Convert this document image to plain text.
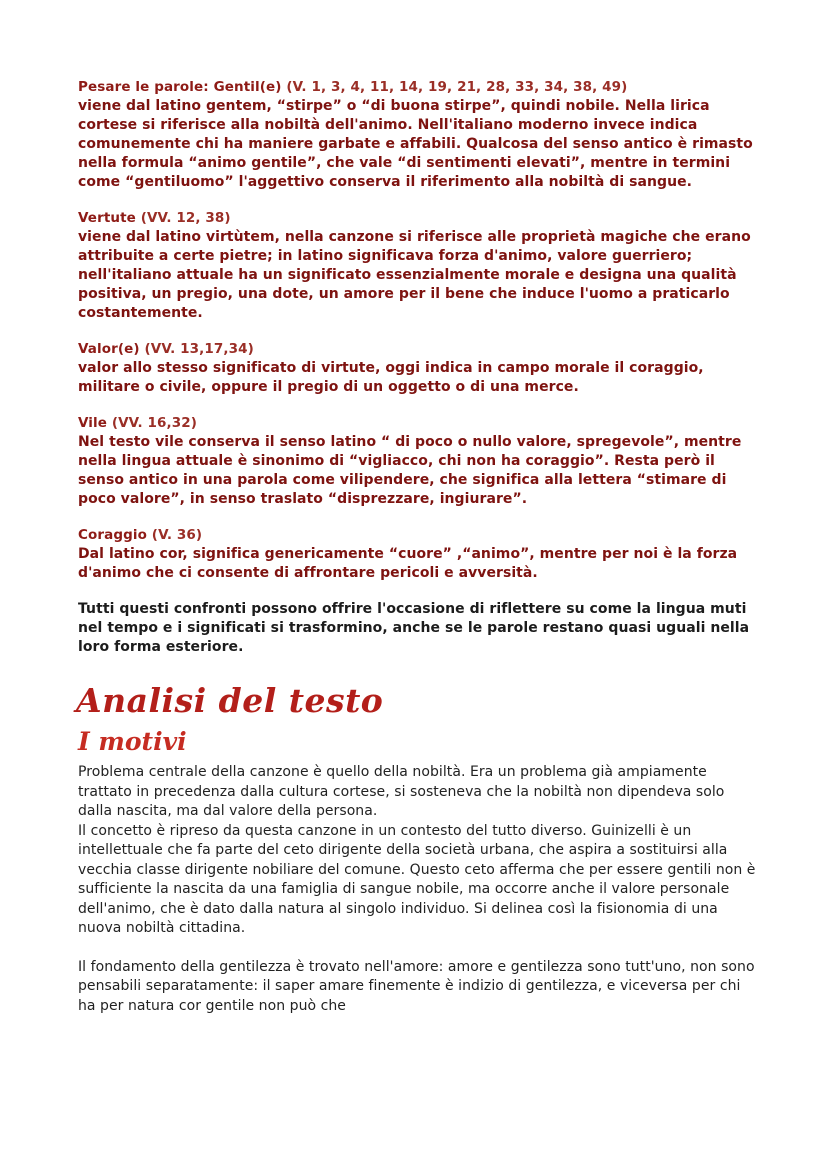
Pesare le parole: Gentil(e) (V. 1, 3, 4, 11, 14, 19, 21, 28, 33, 34, 38, 49)
viene dal latino gentem, “stirpe” o “di buona stirpe”, quindi nobile. Nella lirica cortese si riferisce alla nobiltà dell'animo. Nell'italiano moderno invece indica comunemente chi ha maniere garbate e affabili. Qualcosa del senso antico è rimasto nella formula “animo gentile”, che vale “di sentimenti elevati”, mentre in termini come “gentiluomo” l'aggettivo conserva il riferimento alla nobiltà di sangue.
Vertute (VV. 12, 38)
viene dal latino virtùtem, nella canzone si riferisce alle proprietà magiche che erano attribuite a certe pietre; in latino significava forza d'animo, valore guerriero; nell'italiano attuale ha un significato essenzialmente morale e designa una qualità positiva, un pregio, una dote, un amore per il bene che induce l'uomo a praticarlo costantemente.
Valor(e) (VV. 13,17,34)
valor allo stesso significato di virtute, oggi indica in campo morale il coraggio, militare o civile, oppure il pregio di un oggetto o di una merce.
Vile (VV. 16,32)
Nel testo vile conserva il senso latino “ di poco o nullo valore, spregevole”, mentre nella lingua attuale è sinonimo di “vigliacco, chi non ha coraggio”. Resta però il senso antico in una parola come vilipendere, che significa alla lettera “stimare di poco valore”, in senso traslato “disprezzare, ingiurare”.
Coraggio (V. 36)
Dal latino cor, significa genericamente “cuore” ,“animo”, mentre per noi è la forza d'animo che ci consente di affrontare pericoli e avversità.
Tutti questi confronti possono offrire l'occasione di riflettere su come la lingua muti nel tempo e i significati si trasformino, anche se le parole restano quasi uguali nella loro forma esteriore.
Analisi del testo
I motivi

Problema centrale della canzone è quello della nobiltà. Era un problema già ampiamente trattato in precedenza dalla cultura cortese, si sosteneva che la nobiltà non dipendeva solo dalla nascita, ma dal valore della persona.

Il concetto è ripreso da questa canzone in un contesto del tutto diverso. Guinizelli è un intellettuale che fa parte del ceto dirigente della società urbana, che aspira a sostituirsi alla vecchia classe dirigente nobiliare del comune. Questo ceto afferma che per essere gentili non è sufficiente la nascita da una famiglia di sangue nobile, ma occorre anche il valore personale dell'animo, che è dato dalla natura al singolo individuo. Si delinea così la fisionomia di una nuova nobiltà cittadina.

Il fondamento della gentilezza è trovato nell'amore: amore e gentilezza sono tutt'uno, non sono pensabili separatamente: il saper amare finemente è indizio di gentilezza, e viceversa per chi ha per natura cor gentile non può che
